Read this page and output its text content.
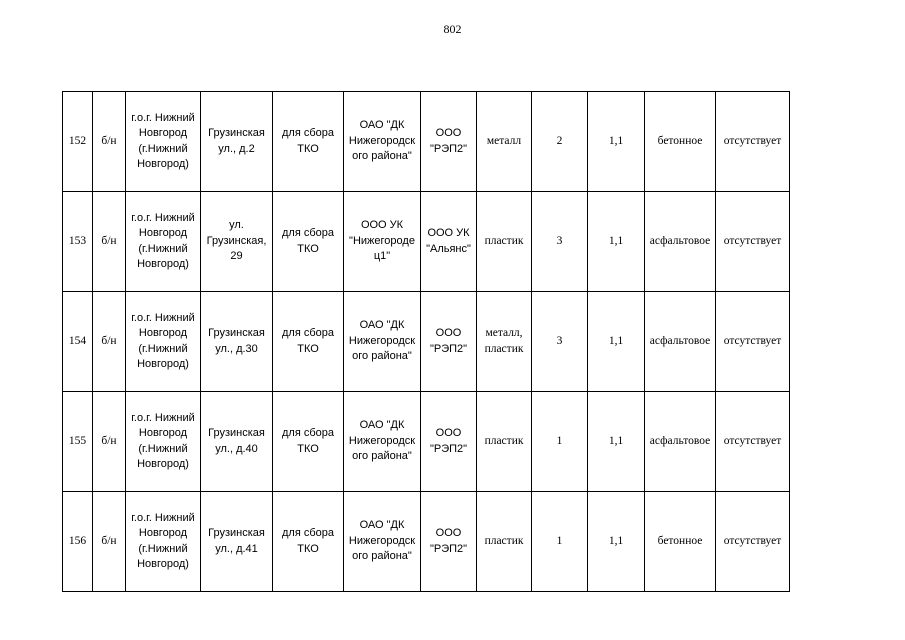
802
152	б/н	г.о.г. Нижний
Новгород
(г.Нижний
Новгород)	Грузинская
ул., д.2	для сбора
ТКО	ОАО "ДК
Нижегородск
ого района"	ООО
"РЭП2"	металл	2	1,1	бетонное	отсутствует
153	б/н	г.о.г. Нижний
Новгород
(г.Нижний
Новгород)	ул.
Грузинская,
29	для сбора
ТКО	ООО УК
"Нижегороде
ц1"	ООО УК
"Альянс"	пластик	3	1,1	асфальтовое	отсутствует
154	б/н	г.о.г. Нижний
Новгород
(г.Нижний
Новгород)	Грузинская
ул., д.30	для сбора
ТКО	ОАО "ДК
Нижегородск
ого района"	ООО
"РЭП2"	металл,
пластик	3	1,1	асфальтовое	отсутствует
155	б/н	г.о.г. Нижний
Новгород
(г.Нижний
Новгород)	Грузинская
ул., д.40	для сбора
ТКО	ОАО "ДК
Нижегородск
ого района"	ООО
"РЭП2"	пластик	1	1,1	асфальтовое	отсутствует
156	б/н	г.о.г. Нижний
Новгород
(г.Нижний
Новгород)	Грузинская
ул., д.41	для сбора
ТКО	ОАО "ДК
Нижегородск
ого района"	ООО
"РЭП2"	пластик	1	1,1	бетонное	отсутствует
